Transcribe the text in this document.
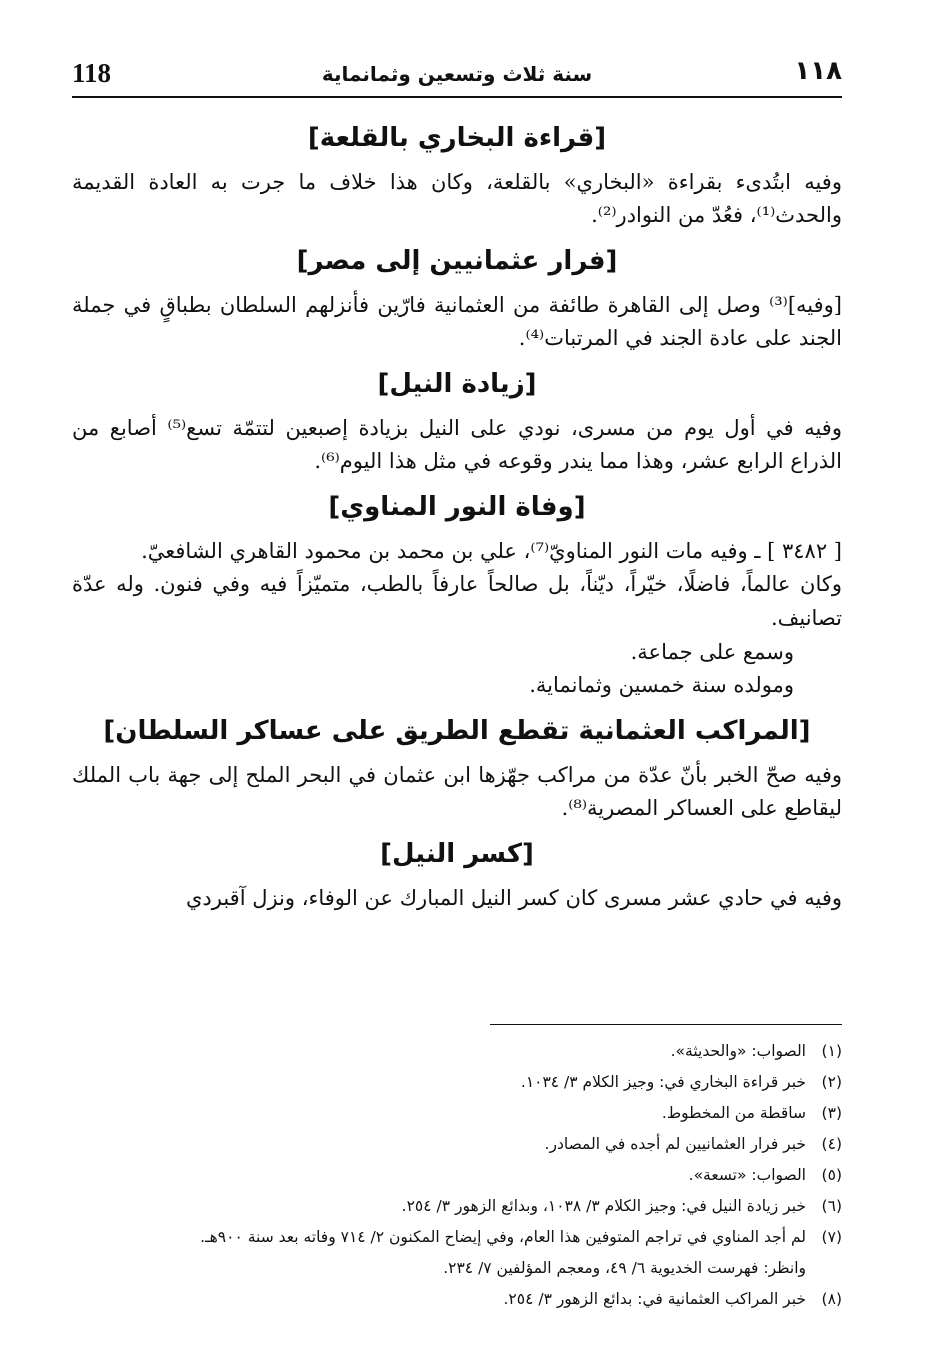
118	سنة ثلاث وتسعين وثمانماية	١١٨
[قراءة البخاري بالقلعة]

وفيه ابتُدىء بقراءة «البخاري» بالقلعة، وكان هذا خلاف ما جرت به العادة القديمة والحدث⁽¹⁾، فعُدّ من النوادر⁽²⁾.

[فرار عثمانيين إلى مصر]

[وفيه]⁽³⁾ وصل إلى القاهرة طائفة من العثمانية فارّين فأنزلهم السلطان بطباقٍ في جملة الجند على عادة الجند في المرتبات⁽⁴⁾.

[زيادة النيل]

وفيه في أول يوم من مسرى، نودي على النيل بزيادة إصبعين لتتمّة تسع⁽⁵⁾ أصابع من الذراع الرابع عشر، وهذا مما يندر وقوعه في مثل هذا اليوم⁽⁶⁾.

[وفاة النور المناوي]

[ ٣٤٨٢ ] ـ وفيه مات النور المناويّ⁽⁷⁾، علي بن محمد بن محمود القاهري الشافعيّ.

وكان عالماً، فاضلًا، خيّراً، ديّناً، بل صالحاً عارفاً بالطب، متميّزاً فيه وفي فنون. وله عدّة تصانيف.

وسمع على جماعة.

ومولده سنة خمسين وثمانماية.

[المراكب العثمانية تقطع الطريق على عساكر السلطان]

وفيه صحّ الخبر بأنّ عدّة من مراكب جهّزها ابن عثمان في البحر الملح إلى جهة باب الملك ليقاطع على العساكر المصرية⁽⁸⁾.

[كسر النيل]

وفيه في حادي عشر مسرى كان كسر النيل المبارك عن الوفاء، ونزل آقبردي

(١)
الصواب: «والحديثة».
(٢)
خبر قراءة البخاري في: وجيز الكلام ٣/ ١٠٣٤.
(٣)
ساقطة من المخطوط.
(٤)
خبر فرار العثمانيين لم أجده في المصادر.
(٥)
الصواب: «تسعة».
(٦)
خبر زيادة النيل في: وجيز الكلام ٣/ ١٠٣٨، وبدائع الزهور ٣/ ٢٥٤.
(٧)
لم أجد المناوي في تراجم المتوفين هذا العام، وفي إيضاح المكنون ٢/ ٧١٤ وفاته بعد سنة ٩٠٠هـ.
وانظر: فهرست الخديوية ٦/ ٤٩، ومعجم المؤلفين ٧/ ٢٣٤.
(٨)
خبر المراكب العثمانية في: بدائع الزهور ٣/ ٢٥٤.
